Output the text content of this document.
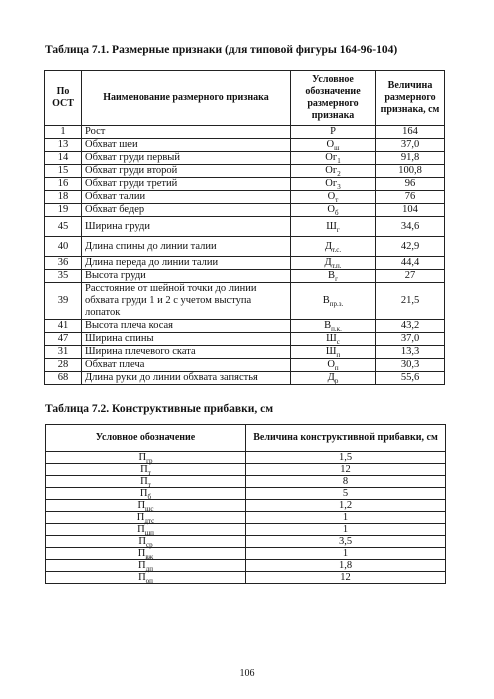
Таблица 7.1. Размерные признаки (для типовой фигуры 164-96-104)
По ОСТ	Наименование размерного признака	Условное обозначение размерного признака	Величина размерного признака, см
1	Рост	Р	164
13	Обхват шеи	$О_ш$	37,0
14	Обхват груди первый	$Ог_1$	91,8
15	Обхват груди второй	$Ог_2$	100,8
16	Обхват груди третий	$Ог_3$	96
18	Обхват талии	$О_т$	76
19	Обхват бедер	$О_б$	104
45	Ширина груди	$Ш_г$	34,6
40	Длина спины до линии талии	$Д_{т.с.}$	42,9
36	Длина переда до линии талии	$Д_{т.п.}$	44,4
35	Высота груди	$В_г$	27
39	Расстояние от шейной точки до линии обхвата груди 1 и 2 с учетом выступа лопаток	$В_{пр.з.}$	21,5
41	Высота плеча косая	$В_{п.к.}$	43,2
47	Ширина спины	$Ш_с$	37,0
31	Ширина плечевого ската	$Ш_п$	13,3
28	Обхват плеча	$О_п$	30,3
68	Длина руки до линии обхвата запястья	$Д_р$	55,6
Таблица 7.2. Конструктивные прибавки, см
Условное обозначение	Величина конструктивной прибавки, см
$П_{гр}$	1,5
$П_т$	12
$П_т$	8
$П_б$	5
$П_{шс}$	1,2
$П_{дтс}$	1
$П_{шп}$	1
$П_{ср}$	3,5
$П_{вж}$	1
$П_{дп}$	1,8
$П_{оп}$	12
106
